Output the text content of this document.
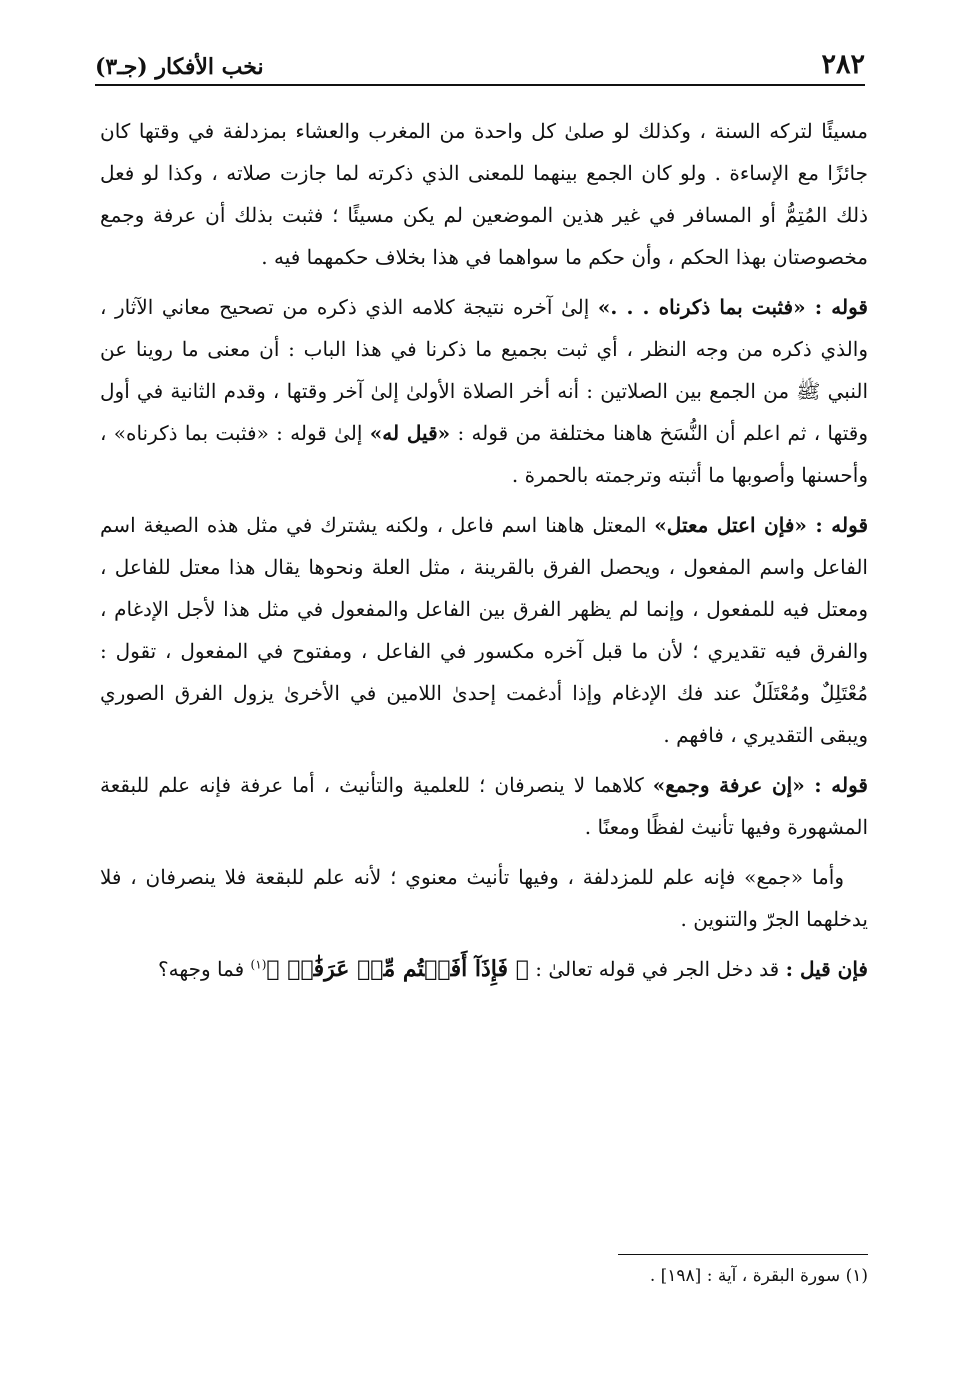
٢٨٢
نخب الأفكار (جـ٣)

مسيئًا لتركه السنة ، وكذلك لو صلىٰ كل واحدة من المغرب والعشاء بمزدلفة في وقتها كان جائزًا مع الإساءة . ولو كان الجمع بينهما للمعنى الذي ذكرته لما جازت صلاته ، وكذا لو فعل ذلك المُتِمُّ أو المسافر في غير هذين الموضعين لم يكن مسيئًا ؛ فثبت بذلك أن عرفة وجمع مخصوصتان بهذا الحكم ، وأن حكم ما سواهما في هذا بخلاف حكمهما فيه .

قوله : «فثبت بما ذكرناه . . .» إلىٰ آخره نتيجة كلامه الذي ذكره من تصحيح معاني الآثار ، والذي ذكره من وجه النظر ، أي ثبت بجميع ما ذكرنا في هذا الباب : أن معنى ما روينا عن النبي ﷺ من الجمع بين الصلاتين : أنه أخر الصلاة الأولىٰ إلىٰ آخر وقتها ، وقدم الثانية في أول وقتها ، ثم اعلم أن النُّسَخ هاهنا مختلفة من قوله : «قيل له» إلىٰ قوله : «فثبت بما ذكرناه» ، وأحسنها وأصوبها ما أثبته وترجمته بالحمرة .

قوله : «فإن اعتل معتل» المعتل هاهنا اسم فاعل ، ولكنه يشترك في مثل هذه الصيغة اسم الفاعل واسم المفعول ، ويحصل الفرق بالقرينة ، مثل العلة ونحوها يقال هذا معتل للفاعل ، ومعتل فيه للمفعول ، وإنما لم يظهر الفرق بين الفاعل والمفعول في مثل هذا لأجل الإدغام ، والفرق فيه تقديري ؛ لأن ما قبل آخره مكسور في الفاعل ، ومفتوح في المفعول ، تقول : مُعْتَلِلٌ ومُعْتَلَلٌ عند فك الإدغام وإذا أدغمت إحدىٰ اللامين في الأخرىٰ يزول الفرق الصوري ويبقى التقديري ، فافهم .

قوله : «إن عرفة وجمع» كلاهما لا ينصرفان ؛ للعلمية والتأنيث ، أما عرفة فإنه علم للبقعة المشهورة وفيها تأنيث لفظًا ومعنًا .

وأما «جمع» فإنه علم للمزدلفة ، وفيها تأنيث معنوي ؛ لأنه علم للبقعة فلا ينصرفان ، فلا يدخلهما الجرّ والتنوين .

فإن قيل : قد دخل الجر في قوله تعالىٰ : ﴿ فَإِذَآ أَفَضۡتُم مِّنۡ عَرَفَٰتٖ ﴾$^{(١)}$ فما وجهه؟

(١) سورة البقرة ، آية : [١٩٨] .
